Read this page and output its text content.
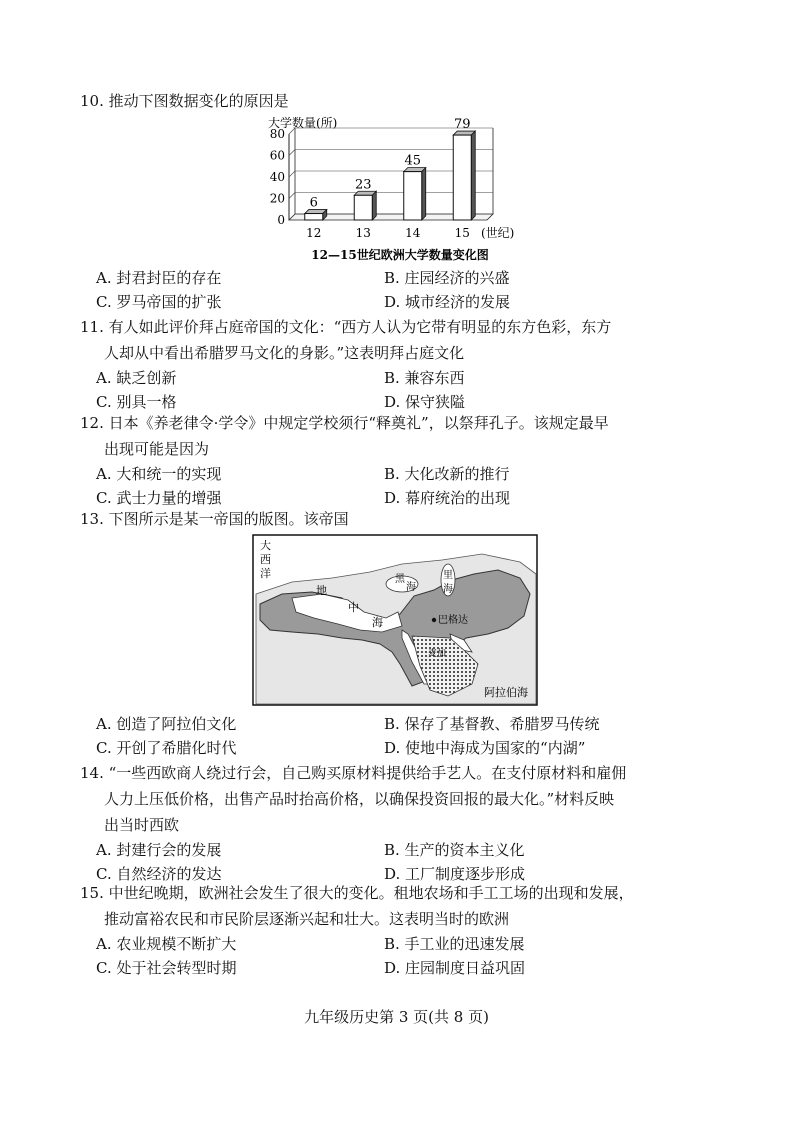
10. 推动下图数据变化的原因是
大学数量(所)
(世纪)
12—15世纪欧洲大学数量变化图
0
20
40
60
80
6
12
23
13
45
14
79
15
A. 封君封臣的存在	B. 庄园经济的兴盛
C. 罗马帝国的扩张	D. 城市经济的发展
11. 有人如此评价拜占庭帝国的文化：“西方人认为它带有明显的东方色彩，东方
人却从中看出希腊罗马文化的身影。”这表明拜占庭文化
A. 缺乏创新	B. 兼容东西
C. 别具一格	D. 保守狭隘
12. 日本《养老律令·学令》中规定学校须行“释奠礼”，以祭拜孔子。该规定最早
出现可能是因为
A. 大和统一的实现	B. 大化改新的推行
C. 武士力量的增强	D. 幕府统治的出现
13. 下图所示是某一帝国的版图。该帝国
大
西
洋
地
中
海
黑
海
里
海
巴格达
麦加
阿拉伯海
A. 创造了阿拉伯文化	B. 保存了基督教、希腊罗马传统
C. 开创了希腊化时代	D. 使地中海成为国家的“内湖”
14. “一些西欧商人绕过行会，自己购买原材料提供给手艺人。在支付原材料和雇佣
人力上压低价格，出售产品时抬高价格，以确保投资回报的最大化。”材料反映
出当时西欧
A. 封建行会的发展	B. 生产的资本主义化
C. 自然经济的发达	D. 工厂制度逐步形成
15. 中世纪晚期，欧洲社会发生了很大的变化。租地农场和手工工场的出现和发展，
推动富裕农民和市民阶层逐渐兴起和壮大。这表明当时的欧洲
A. 农业规模不断扩大	B. 手工业的迅速发展
C. 处于社会转型时期	D. 庄园制度日益巩固
九年级历史第 3 页(共 8 页)
